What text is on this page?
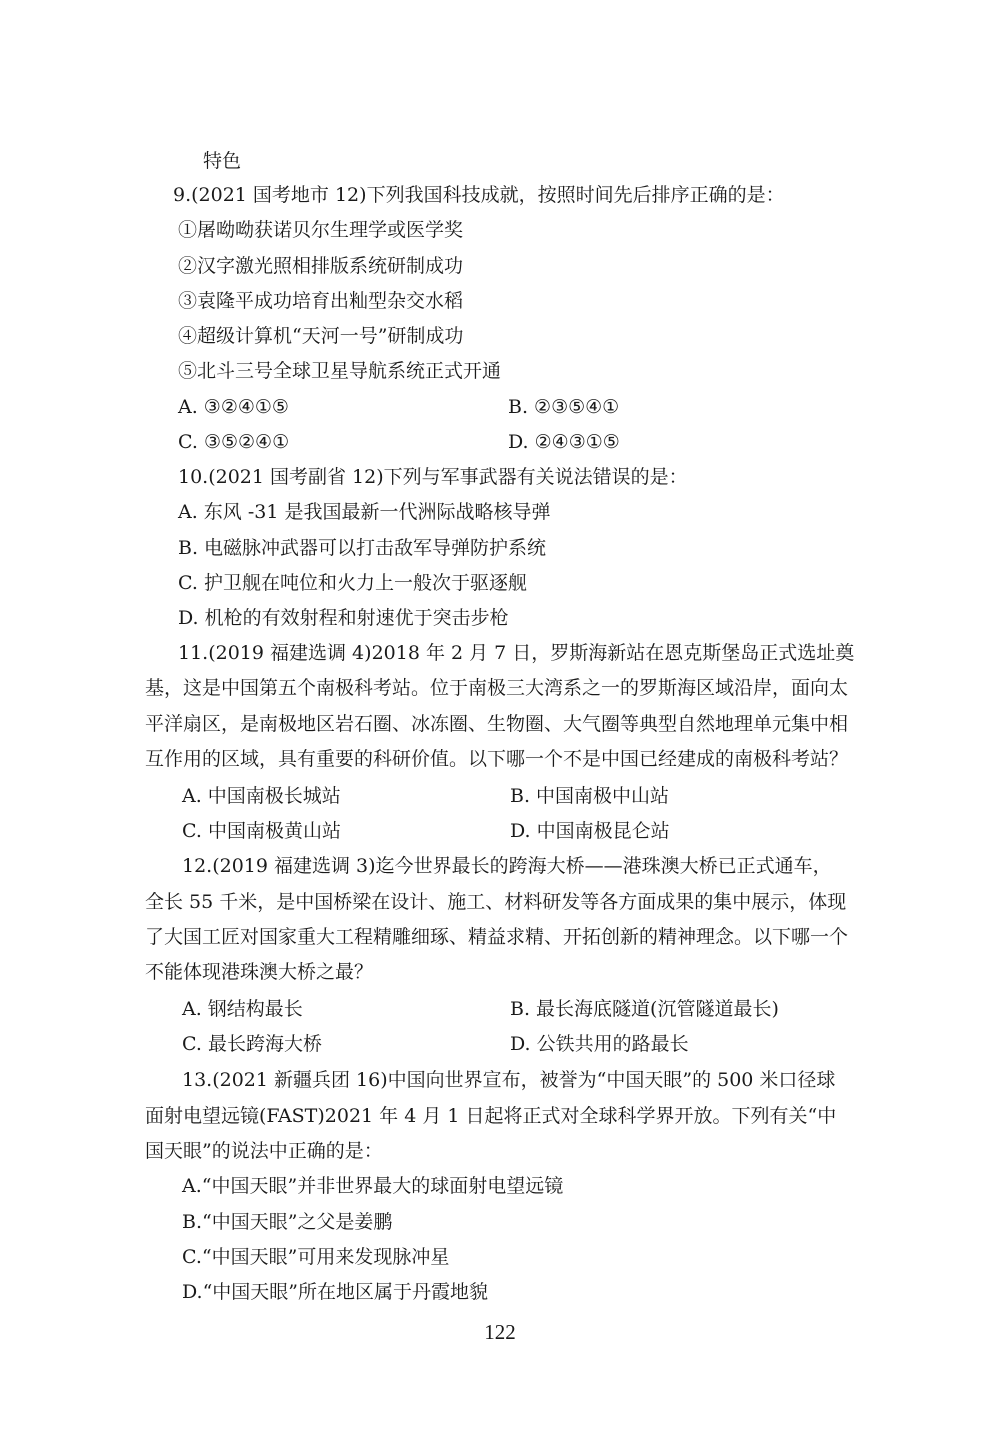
特色
9.(2021 国考地市 12)下列我国科技成就，按照时间先后排序正确的是：
①屠呦呦获诺贝尔生理学或医学奖
②汉字激光照相排版系统研制成功
③袁隆平成功培育出籼型杂交水稻
④超级计算机“天河一号”研制成功
⑤北斗三号全球卫星导航系统正式开通
A. ③②④①⑤	B. ②③⑤④①
C. ③⑤②④①	D. ②④③①⑤
10.(2021 国考副省 12)下列与军事武器有关说法错误的是：
A. 东风 -31 是我国最新一代洲际战略核导弹
B. 电磁脉冲武器可以打击敌军导弹防护系统
C. 护卫舰在吨位和火力上一般次于驱逐舰
D. 机枪的有效射程和射速优于突击步枪
11.(2019 福建选调 4)2018 年 2 月 7 日，罗斯海新站在恩克斯堡岛正式选址奠
基，这是中国第五个南极科考站。位于南极三大湾系之一的罗斯海区域沿岸，面向太
平洋扇区，是南极地区岩石圈、冰冻圈、生物圈、大气圈等典型自然地理单元集中相
互作用的区域，具有重要的科研价值。以下哪一个不是中国已经建成的南极科考站？
A. 中国南极长城站	B. 中国南极中山站
C. 中国南极黄山站	D. 中国南极昆仑站
12.(2019 福建选调 3)迄今世界最长的跨海大桥——港珠澳大桥已正式通车，
全长 55 千米，是中国桥梁在设计、施工、材料研发等各方面成果的集中展示，体现
了大国工匠对国家重大工程精雕细琢、精益求精、开拓创新的精神理念。以下哪一个
不能体现港珠澳大桥之最？
A. 钢结构最长	B. 最长海底隧道(沉管隧道最长)
C. 最长跨海大桥	D. 公铁共用的路最长
13.(2021 新疆兵团 16)中国向世界宣布，被誉为“中国天眼”的 500 米口径球
面射电望远镜(FAST)2021 年 4 月 1 日起将正式对全球科学界开放。下列有关“中
国天眼”的说法中正确的是：
A.“中国天眼”并非世界最大的球面射电望远镜
B.“中国天眼”之父是姜鹏
C.“中国天眼”可用来发现脉冲星
D.“中国天眼”所在地区属于丹霞地貌
122
